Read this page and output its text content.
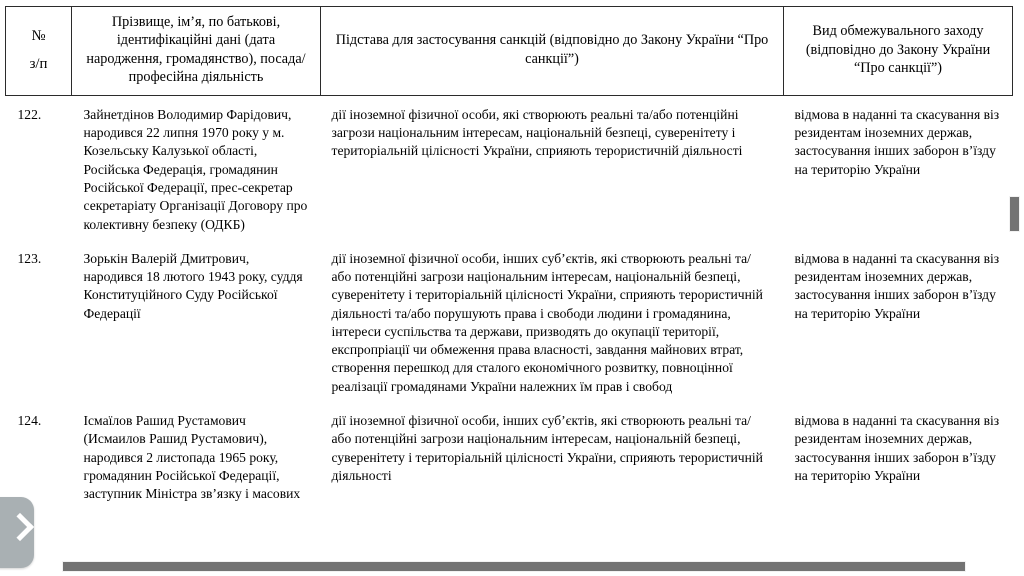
№
з/п	Прізвище, ім’я, по батькові, ідентифікаційні дані (дата народження, громадянство), посада/професійна діяльність	Підстава для застосування санкцій (відповідно до Закону України “Про санкції”)	Вид обмежувального заходу (відповідно до Закону України “Про санкції”)
122.	Зайнетдінов Володимир Фарідович, народився 22 липня 1970 року у м. Козельську Калузької області, Російська Федерація, громадянин Російської Федерації, прес-секретар секретаріату Організації Договору про колективну безпеку (ОДКБ)	дії іноземної фізичної особи, які створюють реальні та/або потенційні загрози національним інтересам, національній безпеці, суверенітету і територіальній цілісності України, сприяють терористичній діяльності	відмова в наданні та скасування віз резидентам іноземних держав, застосування інших заборон в’їзду на територію України
123.	Зорькін Валерій Дмитрович, народився 18 лютого 1943 року, суддя Конституційного Суду Російської Федерації	дії іноземної фізичної особи, інших суб’єктів, які створюють реальні та/або потенційні загрози національним інтересам, національній безпеці, суверенітету і територіальній цілісності України, сприяють терористичній діяльності та/або порушують права і свободи людини і громадянина, інтереси суспільства та держави, призводять до окупації території, експропріації чи обмеження права власності, завдання майнових втрат, створення перешкод для сталого економічного розвитку, повноцінної реалізації громадянами України належних їм прав і свобод	відмова в наданні та скасування віз резидентам іноземних держав, застосування інших заборон в’їзду на територію України
124.	Ісмаїлов Рашид Рустамович (Исмаилов Рашид Рустамович), народився 2 листопада 1965 року, громадянин Російської Федерації, заступник Міністра зв’язку і масових	дії іноземної фізичної особи, інших суб’єктів, які створюють реальні та/або потенційні загрози національним інтересам, національній безпеці, суверенітету і територіальній цілісності України, сприяють терористичній діяльності	відмова в наданні та скасування віз резидентам іноземних держав, застосування інших заборон в’їзду на територію України
